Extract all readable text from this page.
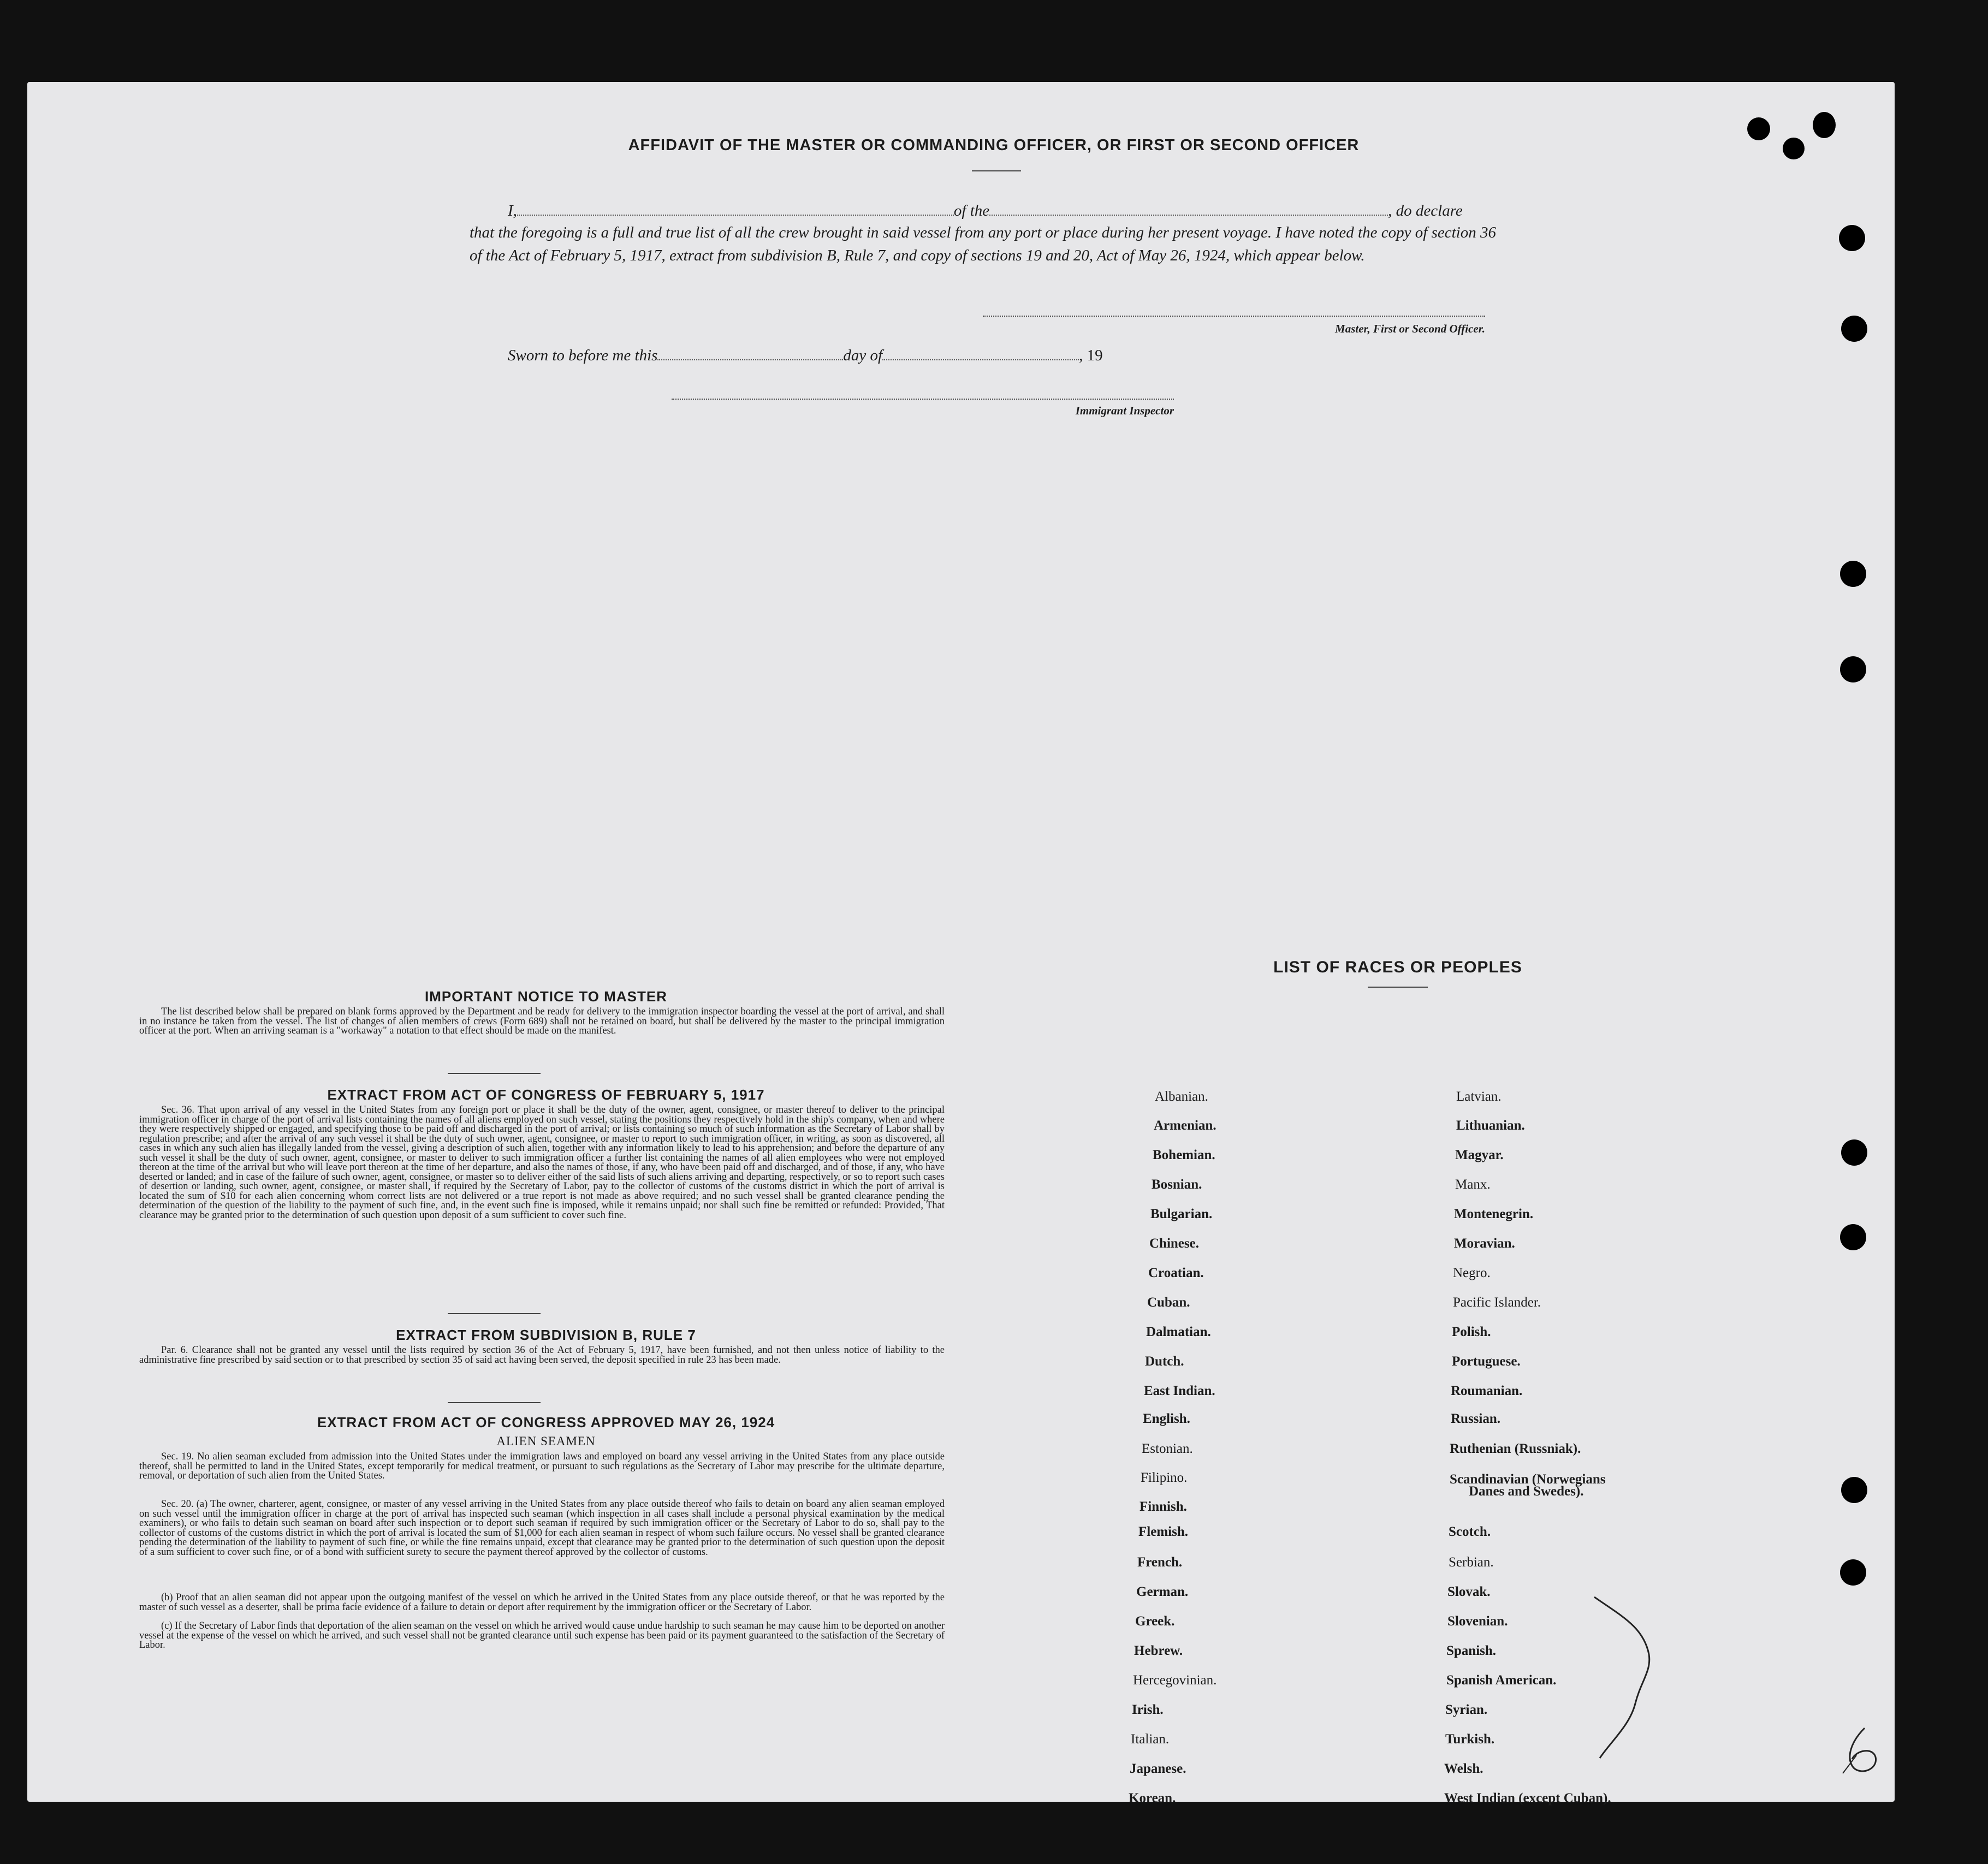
AFFIDAVIT OF THE MASTER OR COMMANDING OFFICER, OR FIRST OR SECOND OFFICER
I,	of the	, do declare
that the foregoing is a full and true list of all the crew brought in said vessel from any port or place during her present voyage. I have noted the copy of section 36 of the Act of February 5, 1917, extract from subdivision B, Rule 7, and copy of sections 19 and 20, Act of May 26, 1924, which appear below.
Master, First or Second Officer.
Sworn to before me this	day of	, 19
Immigrant Inspector
IMPORTANT NOTICE TO MASTER
The list described below shall be prepared on blank forms approved by the Department and be ready for delivery to the immigration inspector boarding the vessel at the port of arrival, and shall in no instance be taken from the vessel. The list of changes of alien members of crews (Form 689) shall not be retained on board, but shall be delivered by the master to the principal immigration officer at the port. When an arriving seaman is a "workaway" a notation to that effect should be made on the manifest.
EXTRACT FROM ACT OF CONGRESS OF FEBRUARY 5, 1917
Sec. 36. That upon arrival of any vessel in the United States from any foreign port or place it shall be the duty of the owner, agent, consignee, or master thereof to deliver to the principal immigration officer in charge of the port of arrival lists containing the names of all aliens employed on such vessel, stating the positions they respectively hold in the ship's company, when and where they were respectively shipped or engaged, and specifying those to be paid off and discharged in the port of arrival; or lists containing so much of such information as the Secretary of Labor shall by regulation prescribe; and after the arrival of any such vessel it shall be the duty of such owner, agent, consignee, or master to report to such immigration officer, in writing, as soon as discovered, all cases in which any such alien has illegally landed from the vessel, giving a description of such alien, together with any information likely to lead to his apprehension; and before the departure of any such vessel it shall be the duty of such owner, agent, consignee, or master to deliver to such immigration officer a further list containing the names of all alien employees who were not employed thereon at the time of the arrival but who will leave port thereon at the time of her departure, and also the names of those, if any, who have been paid off and discharged, and of those, if any, who have deserted or landed; and in case of the failure of such owner, agent, consignee, or master so to deliver either of the said lists of such aliens arriving and departing, respectively, or so to report such cases of desertion or landing, such owner, agent, consignee, or master shall, if required by the Secretary of Labor, pay to the collector of customs of the customs district in which the port of arrival is located the sum of $10 for each alien concerning whom correct lists are not delivered or a true report is not made as above required; and no such vessel shall be granted clearance pending the determination of the question of the liability to the payment of such fine, and, in the event such fine is imposed, while it remains unpaid; nor shall such fine be remitted or refunded: Provided, That clearance may be granted prior to the determination of such question upon deposit of a sum sufficient to cover such fine.
EXTRACT FROM SUBDIVISION B, RULE 7
Par. 6. Clearance shall not be granted any vessel until the lists required by section 36 of the Act of February 5, 1917, have been furnished, and not then unless notice of liability to the administrative fine prescribed by said section or to that prescribed by section 35 of said act having been served, the deposit specified in rule 23 has been made.
EXTRACT FROM ACT OF CONGRESS APPROVED MAY 26, 1924
ALIEN SEAMEN
Sec. 19. No alien seaman excluded from admission into the United States under the immigration laws and employed on board any vessel arriving in the United States from any place outside thereof, shall be permitted to land in the United States, except temporarily for medical treatment, or pursuant to such regulations as the Secretary of Labor may prescribe for the ultimate departure, removal, or deportation of such alien from the United States.
Sec. 20. (a) The owner, charterer, agent, consignee, or master of any vessel arriving in the United States from any place outside thereof who fails to detain on board any alien seaman employed on such vessel until the immigration officer in charge at the port of arrival has inspected such seaman (which inspection in all cases shall include a personal physical examination by the medical examiners), or who fails to detain such seaman on board after such inspection or to deport such seaman if required by such immigration officer or the Secretary of Labor to do so, shall pay to the collector of customs of the customs district in which the port of arrival is located the sum of $1,000 for each alien seaman in respect of whom such failure occurs. No vessel shall be granted clearance pending the determination of the liability to payment of such fine, or while the fine remains unpaid, except that clearance may be granted prior to the determination of such question upon the deposit of a sum sufficient to cover such fine, or of a bond with sufficient surety to secure the payment thereof approved by the collector of customs.
(b) Proof that an alien seaman did not appear upon the outgoing manifest of the vessel on which he arrived in the United States from any place outside thereof, or that he was reported by the master of such vessel as a deserter, shall be prima facie evidence of a failure to detain or deport after requirement by the immigration officer or the Secretary of Labor.
(c) If the Secretary of Labor finds that deportation of the alien seaman on the vessel on which he arrived would cause undue hardship to such seaman he may cause him to be deported on another vessel at the expense of the vessel on which he arrived, and such vessel shall not be granted clearance until such expense has been paid or its payment guaranteed to the satisfaction of the Secretary of Labor.
LIST OF RACES OR PEOPLES
Albanian.
Armenian.
Bohemian.
Bosnian.
Bulgarian.
Chinese.
Croatian.
Cuban.
Dalmatian.
Dutch.
East Indian.
English.
Estonian.
Filipino.
Finnish.
Flemish.
French.
German.
Greek.
Hebrew.
Hercegovinian.
Irish.
Italian.
Japanese.
Korean.
Latvian.
Lithuanian.
Magyar.
Manx.
Montenegrin.
Moravian.
Negro.
Pacific Islander.
Polish.
Portuguese.
Roumanian.
Russian.
Ruthenian (Russniak).
Scandinavian (Norwegians
Danes and Swedes).
Scotch.
Serbian.
Slovak.
Slovenian.
Spanish.
Spanish American.
Syrian.
Turkish.
Welsh.
West Indian (except Cuban).
